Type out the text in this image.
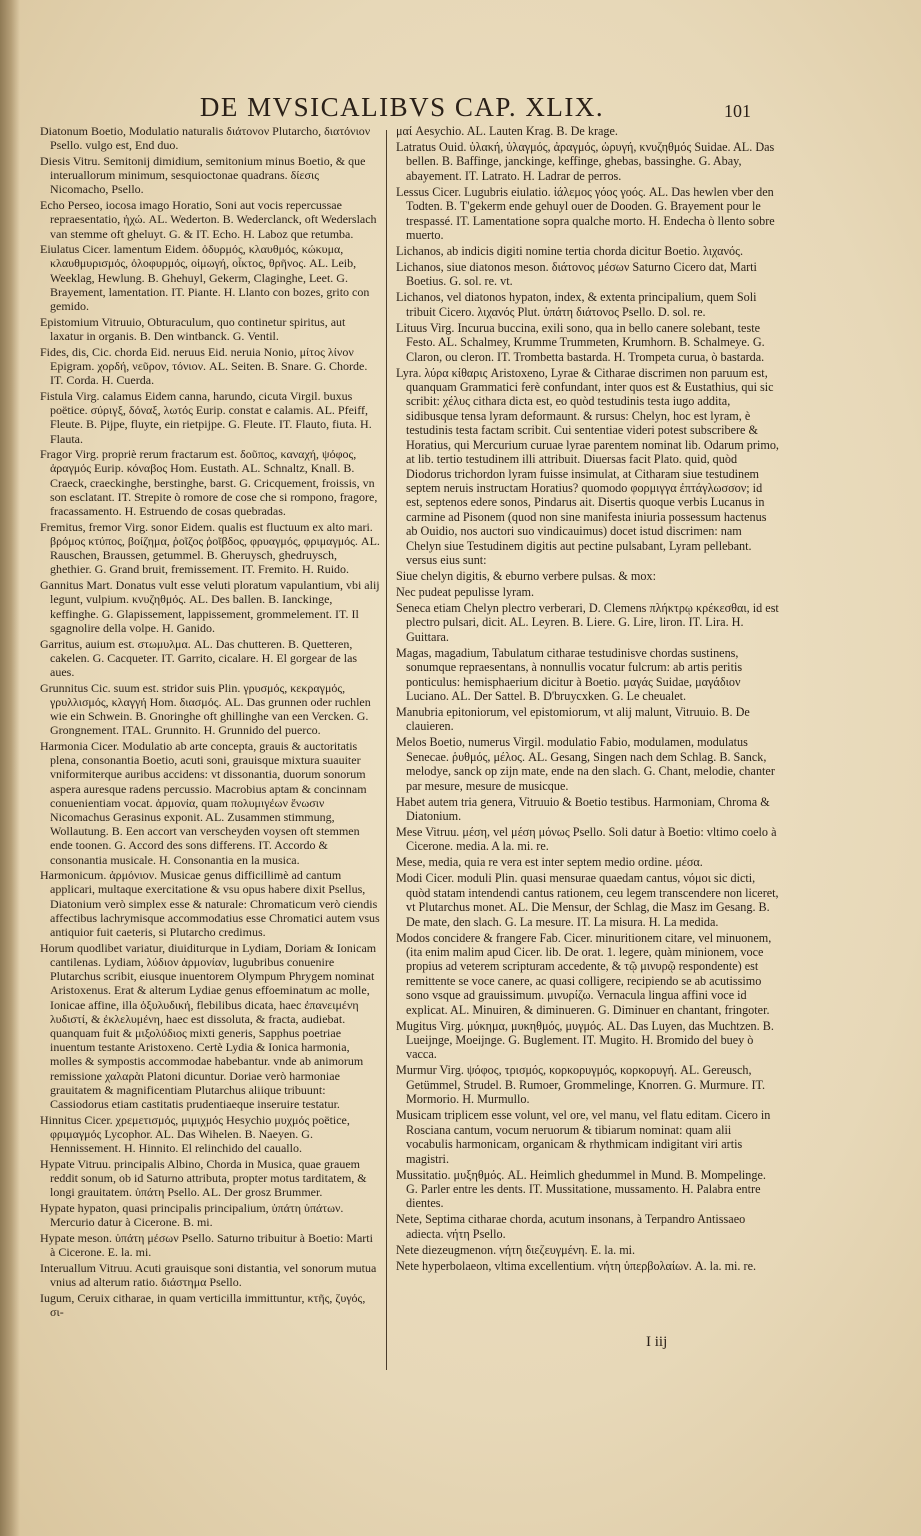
DE MVSICALIBVS CAP. XLIX.	101

Diatonum Boetio, Modulatio naturalis διάτονον Plutarcho, διατόνιον Psello. vulgo est, End duo.

Diesis Vitru. Semitonij dimidium, semitonium minus Boetio, & que interuallorum minimum, sesquioctonae quadrans. δίεσις Nicomacho, Psello.

Echo Perseo, iocosa imago Horatio, Soni aut vocis repercussae repraesentatio, ἠχώ. AL. Wederton. B. Wederclanck, oft Wederslach van stemme oft gheluyt. G. & IT. Echo. H. Laboz que retumba.

Eiulatus Cicer. lamentum Eidem. ὀδυρμός, κλαυθμός, κώκυμα, κλαυθμυρισμός, ὀλοφυρμός, οἰμωγή, οἶκτος, θρῆνος. AL. Leib, Weeklag, Hewlung. B. Ghehuyl, Gekerm, Claginghe, Leet. G. Brayement, lamentation. IT. Piante. H. Llanto con bozes, grito con gemido.

Epistomium Vitruuio, Obturaculum, quo continetur spiritus, aut laxatur in organis. B. Den wintbanck. G. Ventil.

Fides, dis, Cic. chorda Eid. neruus Eid. neruia Nonio, μίτος λίνον Epigram. χορδή, νεῦρον, τόνιον. AL. Seiten. B. Snare. G. Chorde. IT. Corda. H. Cuerda.

Fistula Virg. calamus Eidem canna, harundo, cicuta Virgil. buxus poëtice. σύριγξ, δόναξ, λωτός Eurip. constat e calamis. AL. Pfeiff, Fleute. B. Pijpe, fluyte, ein rietpijpe. G. Fleute. IT. Flauto, fiuta. H. Flauta.

Fragor Virg. propriè rerum fractarum est. δοῦπος, καναχή, ψόφος, ἀραγμός Eurip. κόναβος Hom. Eustath. AL. Schnaltz, Knall. B. Craeck, craeckinghe, berstinghe, barst. G. Cricquement, froissis, vn son esclatant. IT. Strepite ò romore de cose che si rompono, fragore, fracassamento. H. Estruendo de cosas quebradas.

Fremitus, fremor Virg. sonor Eidem. qualis est fluctuum ex alto mari. βρόμος κτύπος, βοίζημα, ῥοῖζος ῥοῖβδος, φρυαγμός, φριμαγμός. AL. Rauschen, Braussen, getummel. B. Gheruysch, ghedruysch, ghethier. G. Grand bruit, fremissement. IT. Fremito. H. Ruido.

Gannitus Mart. Donatus vult esse veluti ploratum vapulantium, vbi alij legunt, vulpium. κνυζηθμός. AL. Des ballen. B. Ianckinge, keffinghe. G. Glapissement, lappissement, grommelement. IT. Il sgagnolire della volpe. H. Ganido.

Garritus, auium est. στωμυλμα. AL. Das chutteren. B. Quetteren, cakelen. G. Cacqueter. IT. Garrito, cicalare. H. El gorgear de las aues.

Grunnitus Cic. suum est. stridor suis Plin. γρυσμός, κεκραγμός, γρυλλισμός, κλαγγή Hom. διασμός. AL. Das grunnen oder ruchlen wie ein Schwein. B. Gnoringhe oft ghillinghe van een Vercken. G. Grongnement. ITAL. Grunnito. H. Grunnido del puerco.

Harmonia Cicer. Modulatio ab arte concepta, grauis & auctoritatis plena, consonantia Boetio, acuti soni, grauisque mixtura suauiter vniformiterque auribus accidens: vt dissonantia, duorum sonorum aspera auresque radens percussio. Macrobius aptam & concinnam conuenientiam vocat. ἁρμονία, quam πολυμιγέων ἕνωσιν Nicomachus Gerasinus exponit. AL. Zusammen stimmung, Wollautung. B. Een accort van verscheyden voysen oft stemmen ende toonen. G. Accord des sons differens. IT. Accordo & consonantia musicale. H. Consonantia en la musica.

Harmonicum. ἁρμόνιον. Musicae genus difficillimè ad cantum applicari, multaque exercitatione & vsu opus habere dixit Psellus, Diatonium verò simplex esse & naturale: Chromaticum verò ciendis affectibus lachrymisque accommodatius esse Chromatici autem vsus antiquior fuit caeteris, si Plutarcho credimus.

Horum quodlibet variatur, diuiditurque in Lydiam, Doriam & Ionicam cantilenas. Lydiam, λύδιον ἁρμονίαν, lugubribus conuenire Plutarchus scribit, eiusque inuentorem Olympum Phrygem nominat Aristoxenus. Erat & alterum Lydiae genus effoeminatum ac molle, Ionicae affine, illa ὀξυλυδική, flebilibus dicata, haec ἐπανειμένη λυδιστί, & ἐκλελυμένη, haec est dissoluta, & fracta, audiebat. quanquam fuit & μιξολύδιος mixti generis, Sapphus poetriae inuentum testante Aristoxeno. Certè Lydia & Ionica harmonia, molles & sympostis accommodae habebantur. vnde ab animorum remissione χαλαρὰι Platoni dicuntur. Doriae verò harmoniae grauitatem & magnificentiam Plutarchus aliique tribuunt: Cassiodorus etiam castitatis prudentiaeque inseruire testatur.

Hinnitus Cicer. χρεμετισμός, μιμιχμός Hesychio μυχμός poëtice, φριμαγμός Lycophor. AL. Das Wihelen. B. Naeyen. G. Hennissement. H. Hinnito. El relinchido del cauallo.

Hypate Vitruu. principalis Albino, Chorda in Musica, quae grauem reddit sonum, ob id Saturno attributa, propter motus tarditatem, & longi grauitatem. ὑπάτη Psello. AL. Der grosz Brummer.

Hypate hypaton, quasi principalis principalium, ὑπάτη ὑπάτων. Mercurio datur à Cicerone. B. mi.

Hypate meson. ὑπάτη μέσων Psello. Saturno tribuitur à Boetio: Marti à Cicerone. E. la. mi.

Interuallum Vitruu. Acuti grauisque soni distantia, vel sonorum mutua vnius ad alterum ratio. διάστημα Psello.

Iugum, Ceruix citharae, in quam verticilla immittuntur, κτῆς, ζυγός, σι-

μαί Aesychio. AL. Lauten Krag. B. De krage.

Latratus Ouid. ὑλακή, ὑλαγμός, ἀραγμός, ὠρυγή, κνυζηθμός Suidae. AL. Das bellen. B. Baffinge, janckinge, keffinge, ghebas, bassinghe. G. Abay, abayement. IT. Latrato. H. Ladrar de perros.

Lessus Cicer. Lugubris eiulatio. ἰάλεμος γόος γοός. AL. Das hewlen vber den Todten. B. T'gekerm ende gehuyl ouer de Dooden. G. Brayement pour le trespassé. IT. Lamentatione sopra qualche morto. H. Endecha ò llento sobre muerto.

Lichanos, ab indicis digiti nomine tertia chorda dicitur Boetio. λιχανός.

Lichanos, siue diatonos meson. διάτονος μέσων Saturno Cicero dat, Marti Boetius. G. sol. re. vt.

Lichanos, vel diatonos hypaton, index, & extenta principalium, quem Soli tribuit Cicero. λιχανός Plut. ὑπάτη διάτονος Psello. D. sol. re.

Lituus Virg. Incurua buccina, exili sono, qua in bello canere solebant, teste Festo. AL. Schalmey, Krumme Trummeten, Krumhorn. B. Schalmeye. G. Claron, ou cleron. IT. Trombetta bastarda. H. Trompeta curua, ò bastarda.

Lyra. λύρα κίθαρις Aristoxeno, Lyrae & Citharae discrimen non paruum est, quanquam Grammatici ferè confundant, inter quos est & Eustathius, qui sic scribit: χέλυς cithara dicta est, eo quòd testudinis testa iugo addita, sidibusque tensa lyram deformaunt. & rursus: Chelyn, hoc est lyram, è testudinis testa factam scribit. Cui sententiae videri potest subscribere & Horatius, qui Mercurium curuae lyrae parentem nominat lib. Odarum primo, at lib. tertio testudinem illi attribuit. Diuersas facit Plato. quid, quòd Diodorus trichordon lyram fuisse insimulat, at Citharam siue testudinem septem neruis instructam Horatius? quomodo φορμιγγα ἐπτάγλωσσον; id est, septenos edere sonos, Pindarus ait. Disertis quoque verbis Lucanus in carmine ad Pisonem (quod non sine manifesta iniuria possessum hactenus ab Ouidio, nos auctori suo vindicauimus) docet istud discrimen: nam Chelyn siue Testudinem digitis aut pectine pulsabant, Lyram pellebant. versus eius sunt:

Siue chelyn digitis, & eburno verbere pulsas. & mox:

Nec pudeat pepulisse lyram.

Seneca etiam Chelyn plectro verberari, D. Clemens πλήκτρῳ κρέκεσθαι, id est plectro pulsari, dicit. AL. Leyren. B. Liere. G. Lire, liron. IT. Lira. H. Guittara.

Magas, magadium, Tabulatum citharae testudinisve chordas sustinens, sonumque repraesentans, à nonnullis vocatur fulcrum: ab artis peritis ponticulus: hemisphaerium dicitur à Boetio. μαγάς Suidae, μαγάδιον Luciano. AL. Der Sattel. B. D'bruycxken. G. Le cheualet.

Manubria epitoniorum, vel epistomiorum, vt alij malunt, Vitruuio. B. De clauieren.

Melos Boetio, numerus Virgil. modulatio Fabio, modulamen, modulatus Senecae. ῥυθμός, μέλος. AL. Gesang, Singen nach dem Schlag. B. Sanck, melodye, sanck op zijn mate, ende na den slach. G. Chant, melodie, chanter par mesure, mesure de musicque.

Habet autem tria genera, Vitruuio & Boetio testibus. Harmoniam, Chroma & Diatonium.

Mese Vitruu. μέση, vel μέση μόνως Psello. Soli datur à Boetio: vltimo coelo à Cicerone. media. A la. mi. re.

Mese, media, quia re vera est inter septem medio ordine. μέσα.

Modi Cicer. moduli Plin. quasi mensurae quaedam cantus, νόμοι sic dicti, quòd statam intendendi cantus rationem, ceu legem transcendere non liceret, vt Plutarchus monet. AL. Die Mensur, der Schlag, die Masz im Gesang. B. De mate, den slach. G. La mesure. IT. La misura. H. La medida.

Modos concidere & frangere Fab. Cicer. minuritionem citare, vel minuonem, (ita enim malim apud Cicer. lib. De orat. 1. legere, quàm minionem, voce propius ad veterem scripturam accedente, & τῷ μινυρῷ respondente) est remittente se voce canere, ac quasi colligere, recipiendo se ab acutissimo sono vsque ad grauissimum. μινυρίζω. Vernacula lingua affini voce id explicat. AL. Minuiren, & diminueren. G. Diminuer en chantant, fringoter.

Mugitus Virg. μύκημα, μυκηθμός, μυγμός. AL. Das Luyen, das Muchtzen. B. Lueijnge, Moeijnge. G. Buglement. IT. Mugito. H. Bromido del buey ò vacca.

Murmur Virg. ψόφος, τρισμός, κορκορυγμός, κορκορυγή. AL. Gereusch, Getümmel, Strudel. B. Rumoer, Grommelinge, Knorren. G. Murmure. IT. Mormorio. H. Murmullo.

Musicam triplicem esse volunt, vel ore, vel manu, vel flatu editam. Cicero in Rosciana cantum, vocum neruorum & tibiarum nominat: quam alii vocabulis harmonicam, organicam & rhythmicam indigitant viri artis magistri.

Mussitatio. μυξηθμός. AL. Heimlich ghedummel in Mund. B. Mompelinge. G. Parler entre les dents. IT. Mussitatione, mussamento. H. Palabra entre dientes.

Nete, Septima citharae chorda, acutum insonans, à Terpandro Antissaeo adiecta. νήτη Psello.

Nete diezeugmenon. νήτη διεζευγμένη. E. la. mi.

Nete hyperbolaeon, vltima excellentium. νήτη ὑπερβολαίων. A. la. mi. re.

I iij
